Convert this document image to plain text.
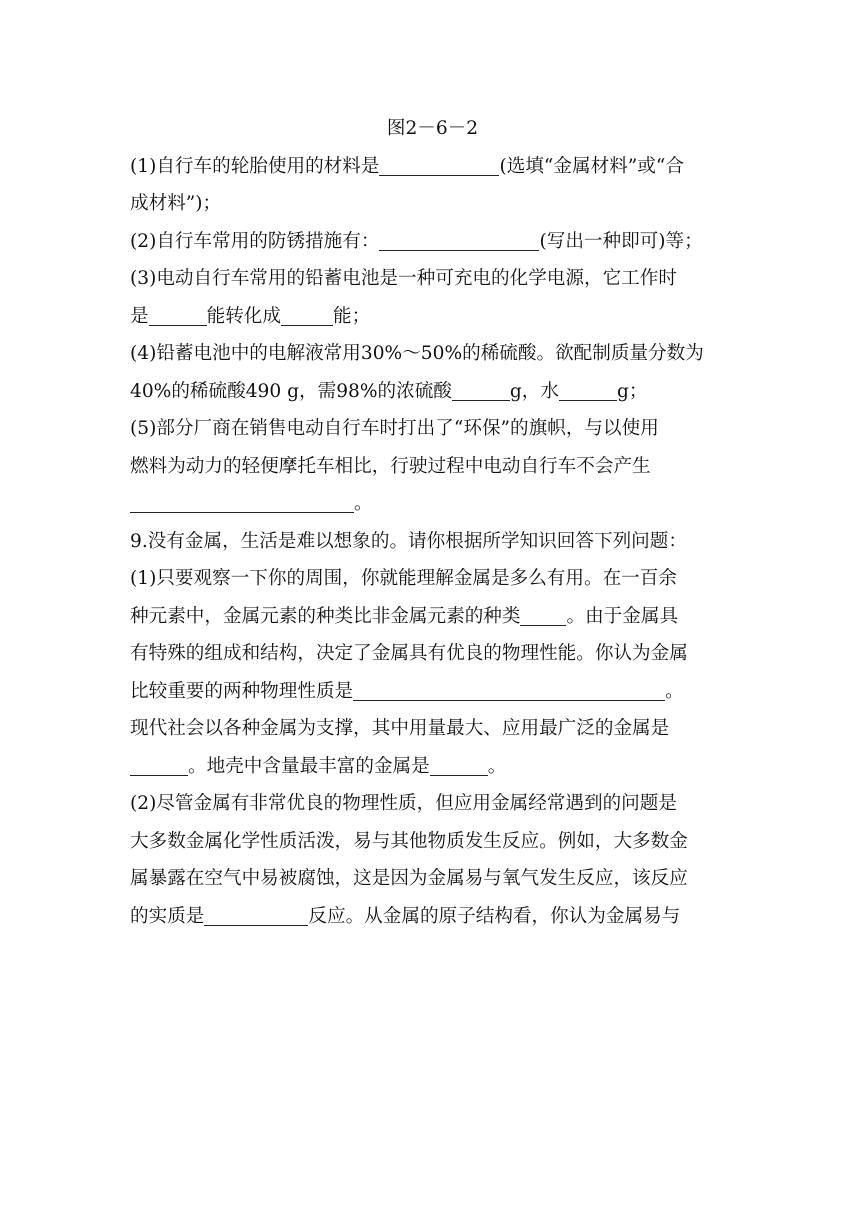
图2－6－2
(1)自行车的轮胎使用的材料是	(选填“金属材料”或“合
成材料”)；
(2)自行车常用的防锈措施有：	(写出一种即可)等；
(3)电动自行车常用的铅蓄电池是一种可充电的化学电源，它工作时
是	能转化成	能；
(4)铅蓄电池中的电解液常用30%～50%的稀硫酸。欲配制质量分数为
40%的稀硫酸490 g，需98%的浓硫酸	g，水	g；
(5)部分厂商在销售电动自行车时打出了“环保”的旗帜，与以使用
燃料为动力的轻便摩托车相比，行驶过程中电动自行车不会产生
。
9.没有金属，生活是难以想象的。请你根据所学知识回答下列问题：
(1)只要观察一下你的周围，你就能理解金属是多么有用。在一百余
种元素中，金属元素的种类比非金属元素的种类 。由于金属具
有特殊的组成和结构，决定了金属具有优良的物理性能。你认为金属
比较重要的两种物理性质是	。
现代社会以各种金属为支撑，其中用量最大、应用最广泛的金属是
。地壳中含量最丰富的金属是	。
(2)尽管金属有非常优良的物理性质，但应用金属经常遇到的问题是
大多数金属化学性质活泼，易与其他物质发生反应。例如，大多数金
属暴露在空气中易被腐蚀，这是因为金属易与氧气发生反应，该反应
的实质是	反应。从金属的原子结构看，你认为金属易与
